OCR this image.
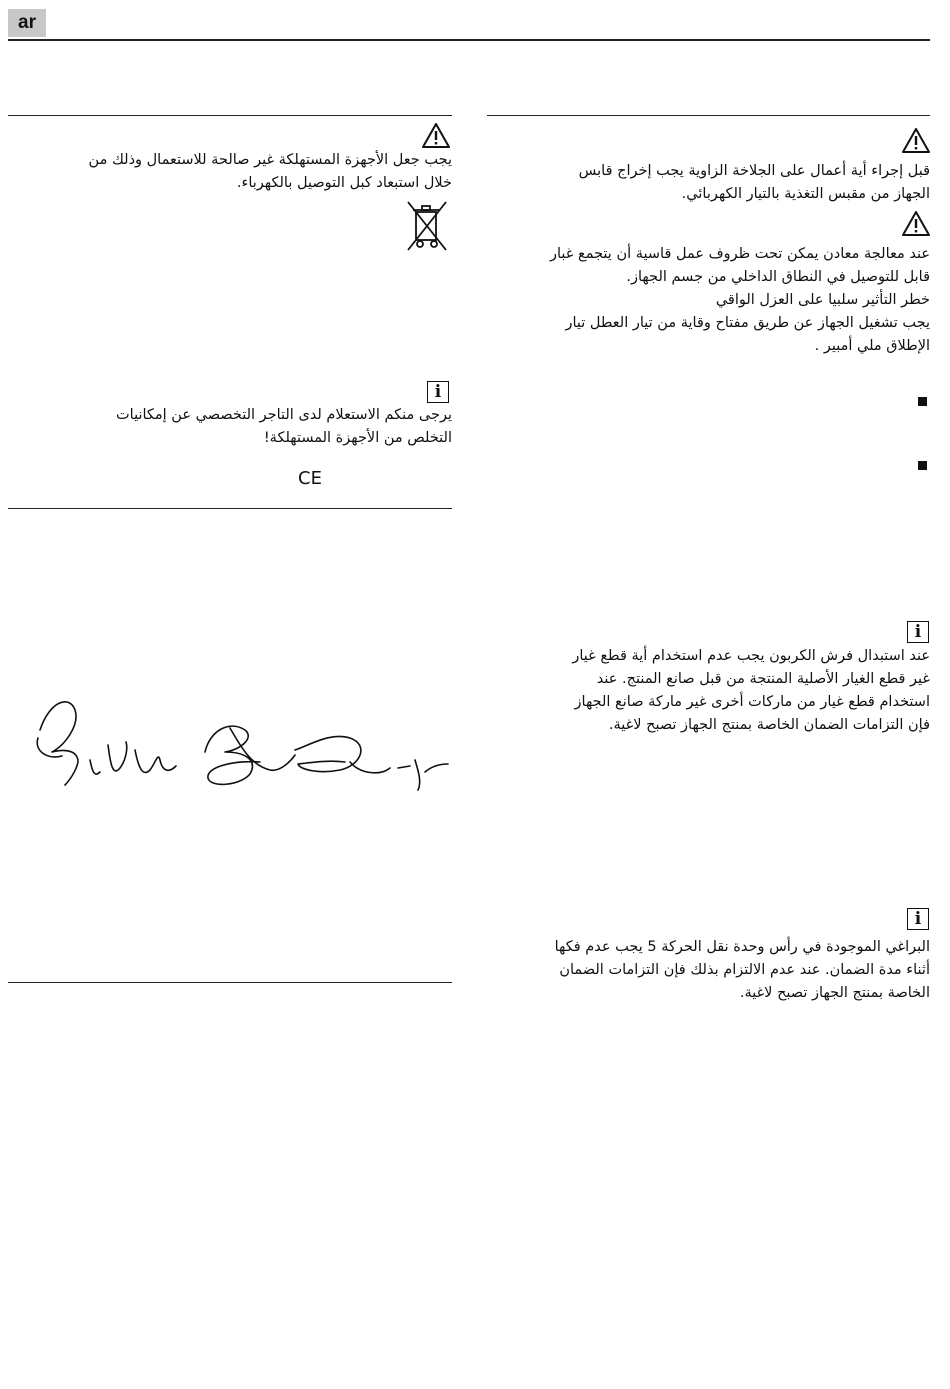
ar
يجب جعل الأجهزة المستهلكة غير صالحة للاستعمال وذلك من
خلال استبعاد كبل التوصيل بالكهرباء.
i
يرجى منكم الاستعلام لدى التاجر التخصصي عن إمكانيات
التخلص من الأجهزة المستهلكة!
CE
قبل إجراء أية أعمال على الجلاخة الزاوية يجب إخراج قابس
الجهاز من مقبس التغذية بالتيار الكهربائي.
عند معالجة معادن يمكن تحت ظروف عمل قاسية أن يتجمع غبار
قابل للتوصيل في النطاق الداخلي من جسم الجهاز.
خطر التأثير سلبيا على العزل الواقي
يجب تشغيل الجهاز عن طريق مفتاح وقاية من تيار العطل تيار
الإطلاق ملي أمبير .
i
عند استبدال فرش الكربون يجب عدم استخدام أية قطع غيار
غير قطع الغيار الأصلية المنتجة من قبل صانع المنتج. عند
استخدام قطع غيار من ماركات أخرى غير ماركة صانع الجهاز
فإن التزامات الضمان الخاصة بمنتج الجهاز تصبح لاغية.
i
البراغي الموجودة في رأس وحدة نقل الحركة 5 يجب عدم فكها
أثناء مدة الضمان. عند عدم الالتزام بذلك فإن التزامات الضمان
الخاصة بمنتج الجهاز تصبح لاغية.
